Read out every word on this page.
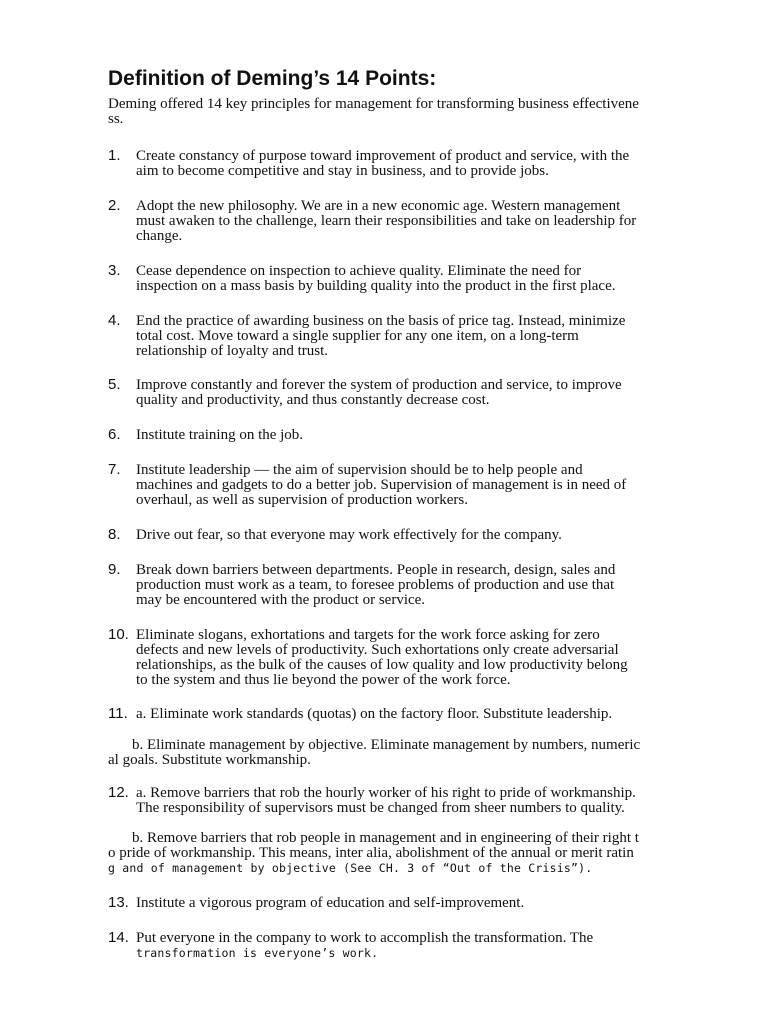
Definition of Deming’s 14 Points:

Deming offered 14 key principles for management for transforming business effectivene
ss.

1. Create constancy of purpose toward improvement of product and service, with the
aim to become competitive and stay in business, and to provide jobs.
2. Adopt the new philosophy. We are in a new economic age. Western management
must awaken to the challenge, learn their responsibilities and take on leadership for
change.
3. Cease dependence on inspection to achieve quality. Eliminate the need for
inspection on a mass basis by building quality into the product in the first place.
4. End the practice of awarding business on the basis of price tag. Instead, minimize
total cost. Move toward a single supplier for any one item, on a long-term
relationship of loyalty and trust.
5. Improve constantly and forever the system of production and service, to improve
quality and productivity, and thus constantly decrease cost.
6. Institute training on the job.
7. Institute leadership — the aim of supervision should be to help people and
machines and gadgets to do a better job. Supervision of management is in need of
overhaul, as well as supervision of production workers.
8. Drive out fear, so that everyone may work effectively for the company.
9. Break down barriers between departments. People in research, design, sales and
production must work as a team, to foresee problems of production and use that
may be encountered with the product or service.
10. Eliminate slogans, exhortations and targets for the work force asking for zero
defects and new levels of productivity. Such exhortations only create adversarial
relationships, as the bulk of the causes of low quality and low productivity belong
to the system and thus lie beyond the power of the work force.
11. a. Eliminate work standards (quotas) on the factory floor. Substitute leadership.
b. Eliminate management by objective. Eliminate management by numbers, numeric
al goals. Substitute workmanship.
12. a. Remove barriers that rob the hourly worker of his right to pride of workmanship.
The responsibility of supervisors must be changed from sheer numbers to quality.
b. Remove barriers that rob people in management and in engineering of their right t
o pride of workmanship. This means, inter alia, abolishment of the annual or merit ratin
g and of management by objective (See CH. 3 of “Out of the Crisis”).
13. Institute a vigorous program of education and self-improvement.
14. Put everyone in the company to work to accomplish the transformation. The
transformation is everyone’s work.
